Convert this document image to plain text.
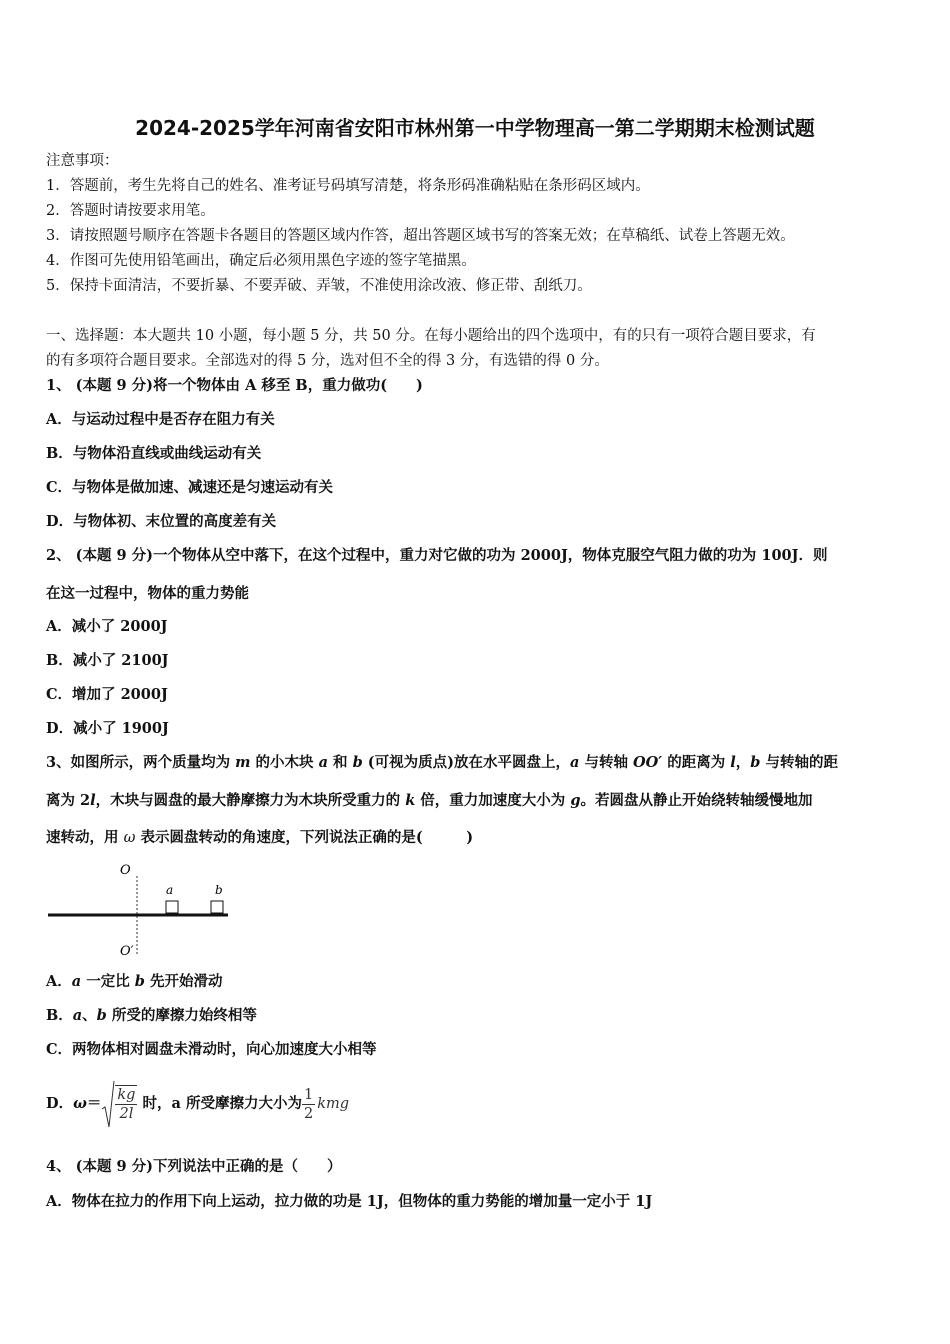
2024-2025学年河南省安阳市林州第一中学物理高一第二学期期末检测试题
注意事项：
1．答题前，考生先将自己的姓名、准考证号码填写清楚，将条形码准确粘贴在条形码区域内。
2．答题时请按要求用笔。
3．请按照题号顺序在答题卡各题目的答题区域内作答，超出答题区域书写的答案无效；在草稿纸、试卷上答题无效。
4．作图可先使用铅笔画出，确定后必须用黑色字迹的签字笔描黑。
5．保持卡面清洁，不要折暴、不要弄破、弄皱，不准使用涂改液、修正带、刮纸刀。
一、选择题：本大题共 10 小题，每小题 5 分，共 50 分。在每小题给出的四个选项中，有的只有一项符合题目要求，有
的有多项符合题目要求。全部选对的得 5 分，选对但不全的得 3 分，有选错的得 0 分。
1、 (本题 9 分)将一个物体由 A 移至 B，重力做功(　　)
A．与运动过程中是否存在阻力有关
B．与物体沿直线或曲线运动有关
C．与物体是做加速、减速还是匀速运动有关
D．与物体初、末位置的高度差有关
2、 (本题 9 分)一个物体从空中落下，在这个过程中，重力对它做的功为 2000J，物体克服空气阻力做的功为 100J．则
在这一过程中，物体的重力势能
A．减小了 2000J
B．减小了 2100J
C．增加了 2000J
D．减小了 1900J
3、如图所示，两个质量均为 m 的小木块 a 和 b (可视为质点)放在水平圆盘上，a 与转轴 OO′ 的距离为 l，b 与转轴的距
离为 2l，木块与圆盘的最大静摩擦力为木块所受重力的 k 倍，重力加速度大小为 g。若圆盘从静止开始绕转轴缓慢地加
速转动，用 ω 表示圆盘转动的角速度，下列说法正确的是(　　　)
O
O′
a	b
A．a 一定比 b 先开始滑动
B．a、b 所受的摩擦力始终相等
C．两物体相对圆盘未滑动时，向心加速度大小相等
D．$\omega= \frac{kg}{2l}$ 时，a 所受摩擦力大小为 $\frac{1}{2}$ kmg
4、 (本题 9 分)下列说法中正确的是（　　）
A．物体在拉力的作用下向上运动，拉力做的功是 1J，但物体的重力势能的增加量一定小于 1J
